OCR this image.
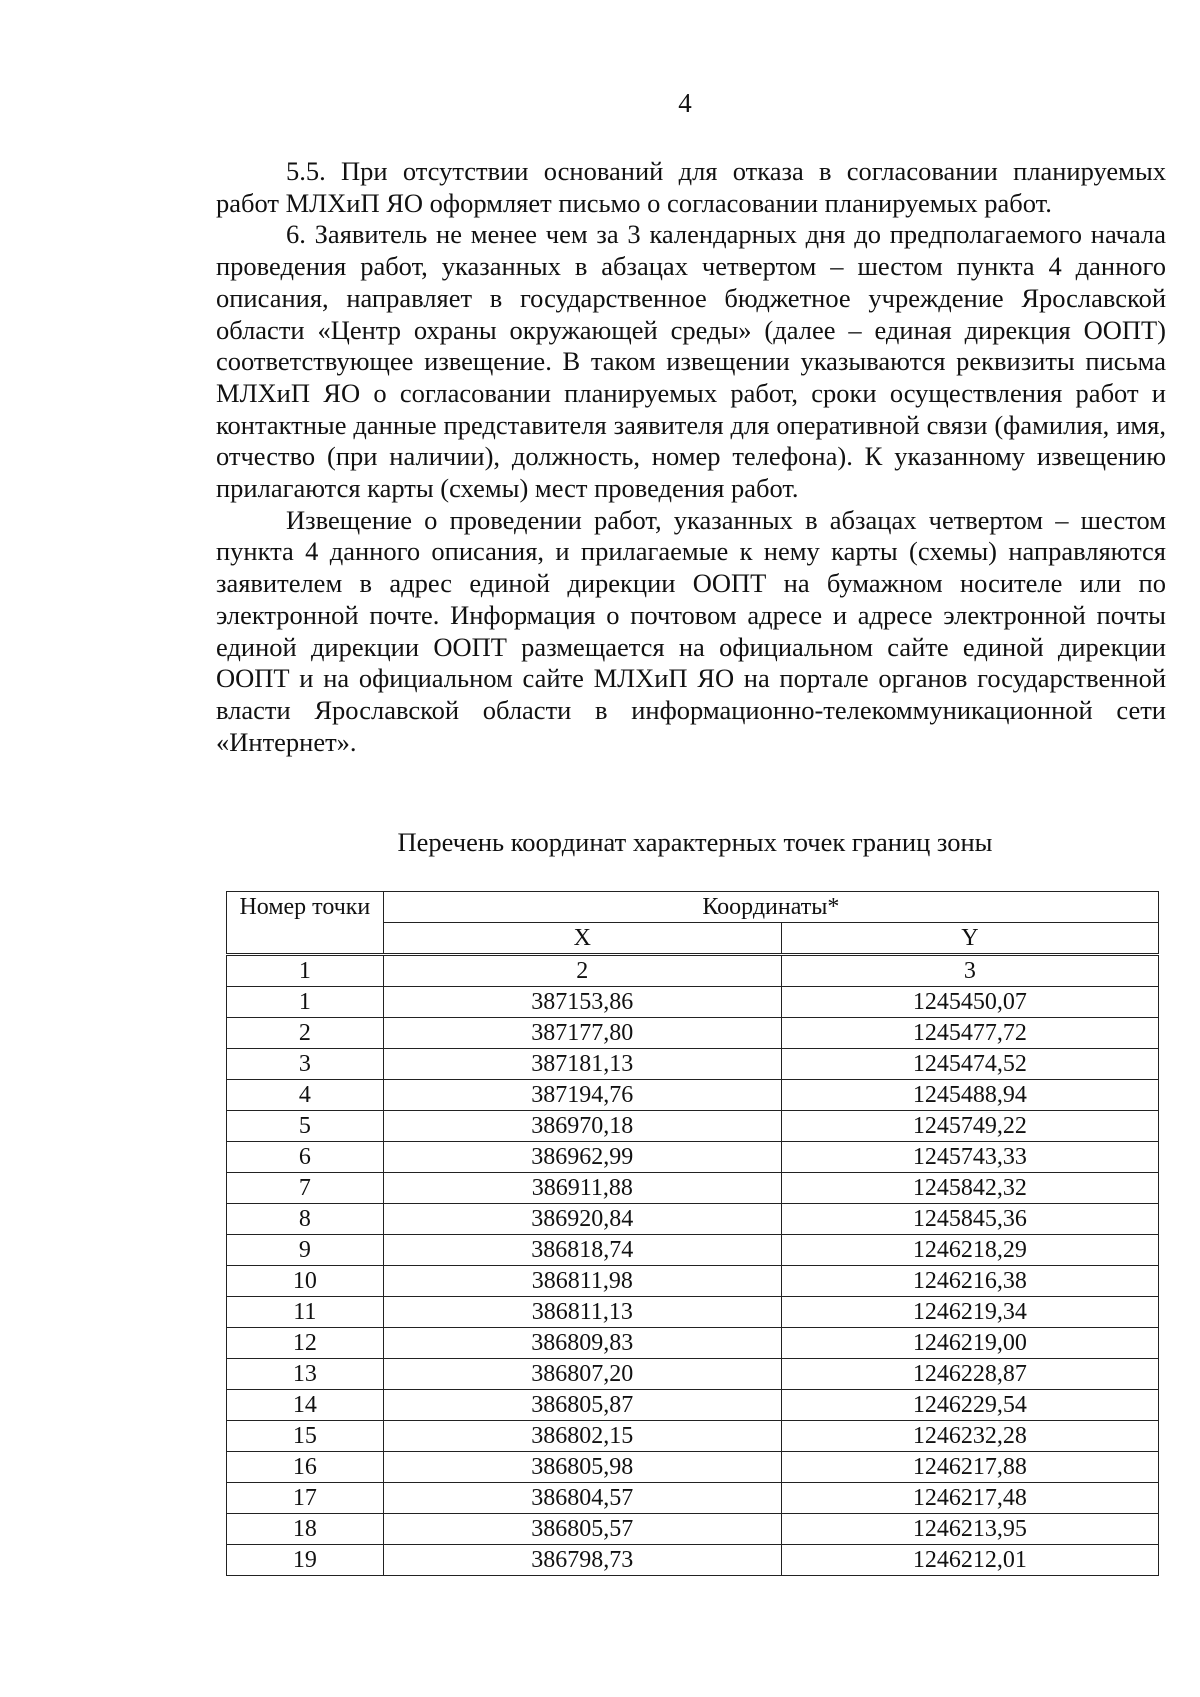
4

5.5. При отсутствии оснований для отказа в согласовании планируемых работ МЛХиП ЯО оформляет письмо о согласовании планируемых работ.

6. Заявитель не менее чем за 3 календарных дня до предполагаемого начала проведения работ, указанных в абзацах четвертом – шестом пункта 4 данного описания, направляет в государственное бюджетное учреждение Ярославской области «Центр охраны окружающей среды» (далее – единая дирекция ООПТ) соответствующее извещение. В таком извещении указываются реквизиты письма МЛХиП ЯО о согласовании планируемых работ, сроки осуществления работ и контактные данные представителя заявителя для оперативной связи (фамилия, имя, отчество (при наличии), должность, номер телефона). К указанному извещению прилагаются карты (схемы) мест проведения работ.

Извещение о проведении работ, указанных в абзацах четвертом – шестом пункта 4 данного описания, и прилагаемые к нему карты (схемы) направляются заявителем в адрес единой дирекции ООПТ на бумажном носителе или по электронной почте. Информация о почтовом адресе и адресе электронной почты единой дирекции ООПТ размещается на официальном сайте единой дирекции ООПТ и на официальном сайте МЛХиП ЯО на портале органов государственной власти Ярославской области в информационно-телекоммуникационной сети «Интернет».

Перечень координат характерных точек границ зоны
Номер точки	Координаты*	
	X	Y
1	2	3
1	387153,86	1245450,07
2	387177,80	1245477,72
3	387181,13	1245474,52
4	387194,76	1245488,94
5	386970,18	1245749,22
6	386962,99	1245743,33
7	386911,88	1245842,32
8	386920,84	1245845,36
9	386818,74	1246218,29
10	386811,98	1246216,38
11	386811,13	1246219,34
12	386809,83	1246219,00
13	386807,20	1246228,87
14	386805,87	1246229,54
15	386802,15	1246232,28
16	386805,98	1246217,88
17	386804,57	1246217,48
18	386805,57	1246213,95
19	386798,73	1246212,01
